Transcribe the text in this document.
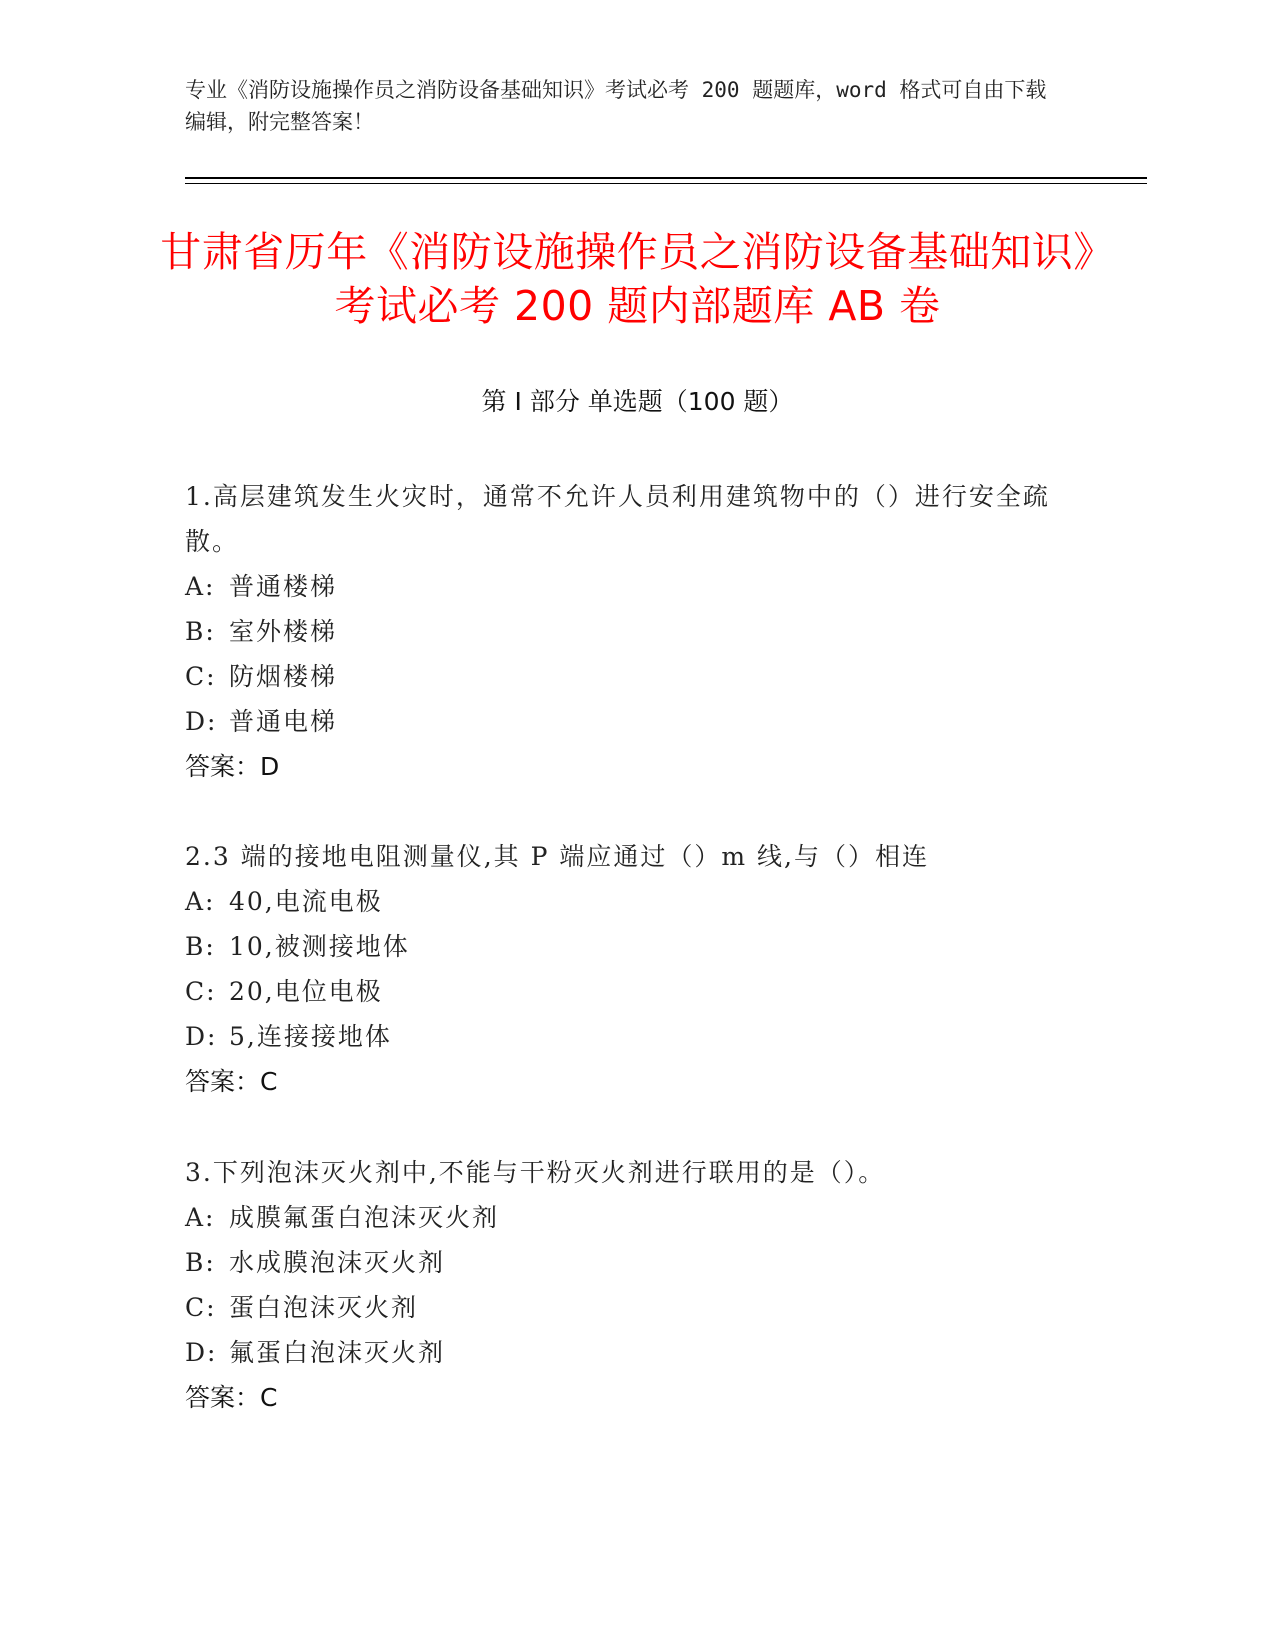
专业《消防设施操作员之消防设备基础知识》考试必考 200 题题库，word 格式可自由下载编辑，附完整答案！
甘肃省历年《消防设施操作员之消防设备基础知识》考试必考 200 题内部题库 AB 卷
第 I 部分 单选题（100 题）

1.高层建筑发生火灾时，通常不允许人员利用建筑物中的（）进行安全疏散。

A: 普通楼梯
B: 室外楼梯
C: 防烟楼梯
D: 普通电梯

答案：D

2.3 端的接地电阻测量仪,其 P 端应通过（）m 线,与（）相连

A: 40,电流电极
B: 10,被测接地体
C: 20,电位电极
D: 5,连接接地体

答案：C

3.下列泡沫灭火剂中,不能与干粉灭火剂进行联用的是（）。

A: 成膜氟蛋白泡沫灭火剂
B: 水成膜泡沫灭火剂
C: 蛋白泡沫灭火剂
D: 氟蛋白泡沫灭火剂

答案：C
